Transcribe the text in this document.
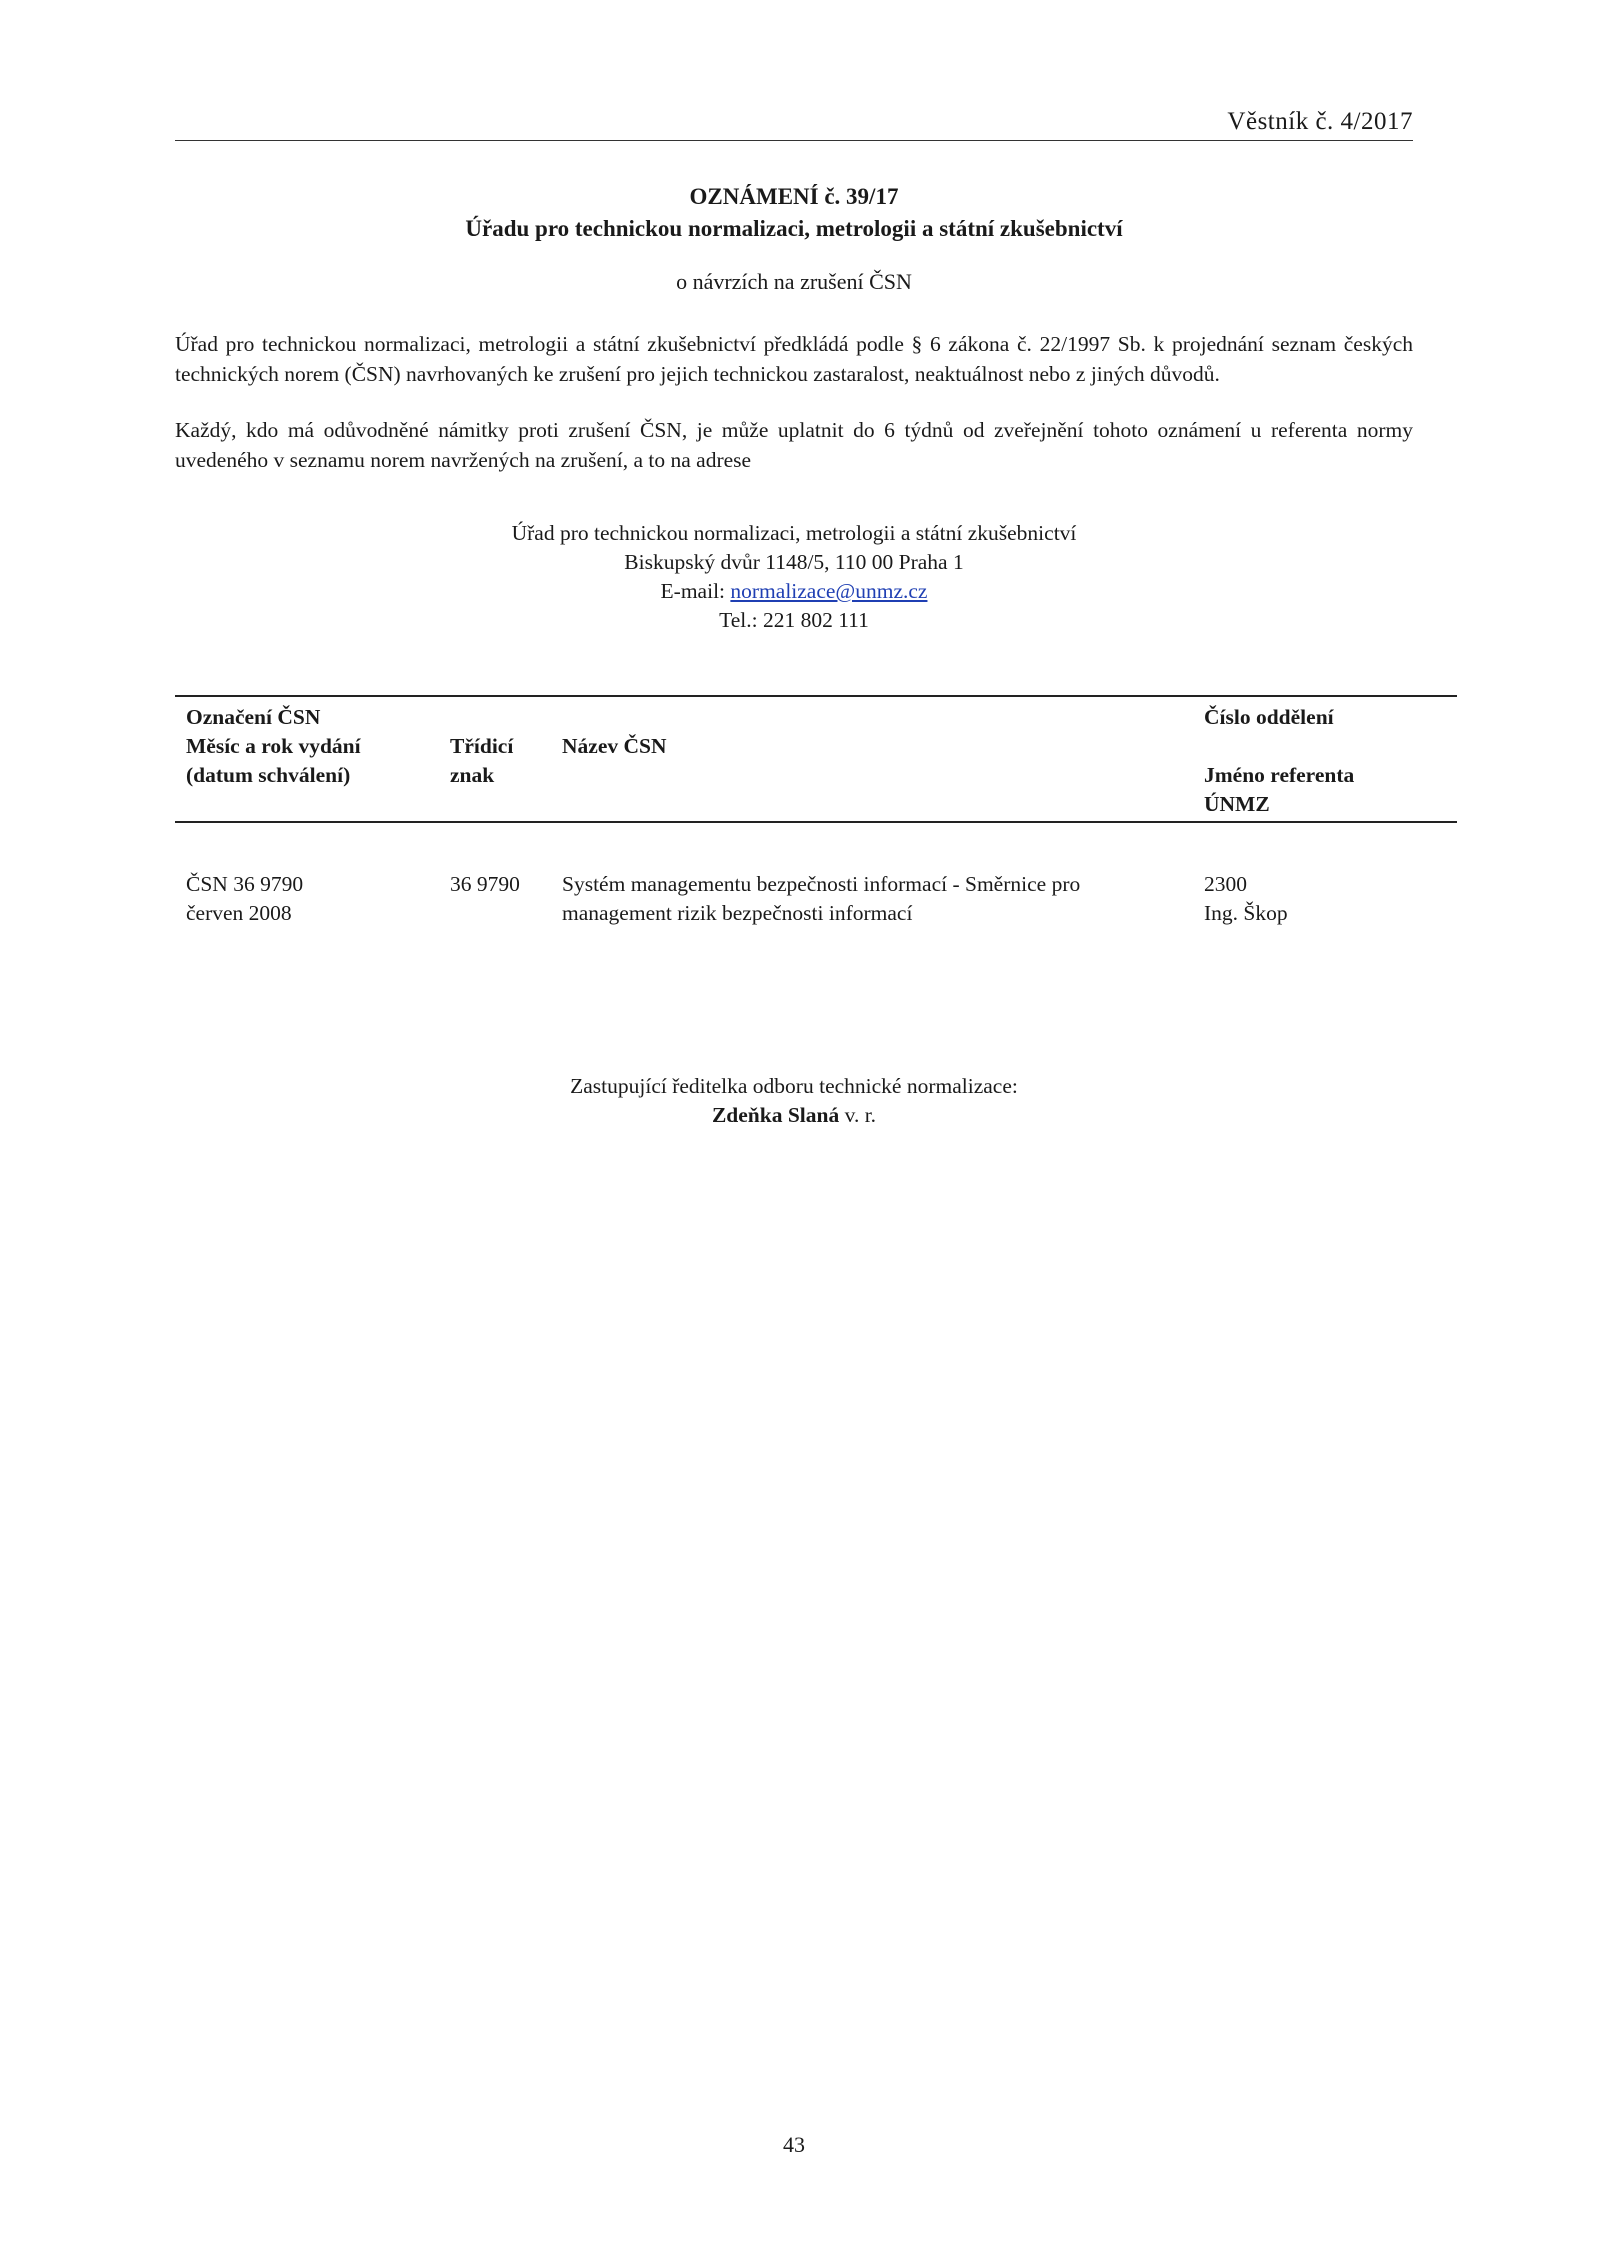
Věstník č. 4/2017
OZNÁMENÍ č. 39/17
Úřadu pro technickou normalizaci, metrologii a státní zkušebnictví
o návrzích na zrušení ČSN
Úřad pro technickou normalizaci, metrologii a státní zkušebnictví předkládá podle § 6 zákona č. 22/1997 Sb. k projednání seznam českých technických norem (ČSN) navrhovaných ke zrušení pro jejich technickou zastaralost, neaktuálnost nebo z jiných důvodů.
Každý, kdo má odůvodněné námitky proti zrušení ČSN, je může uplatnit do 6 týdnů od zveřejnění tohoto oznámení u referenta normy uvedeného v seznamu norem navržených na zrušení, a to na adrese
Úřad pro technickou normalizaci, metrologii a státní zkušebnictví
Biskupský dvůr 1148/5, 110 00 Praha 1
E-mail: normalizace@unmz.cz
Tel.: 221 802 111
Označení ČSN
Měsíc a rok vydání
(datum schválení)
Třídicí
znak
Název ČSN
Číslo oddělení
Jméno referenta
ÚNMZ
ČSN 36 9790
červen 2008
36 9790 Systém managementu bezpečnosti informací - Směrnice pro management rizik bezpečnosti informací
2300
Ing. Škop
Zastupující ředitelka odboru technické normalizace:
Zdeňka Slaná v. r.
43
